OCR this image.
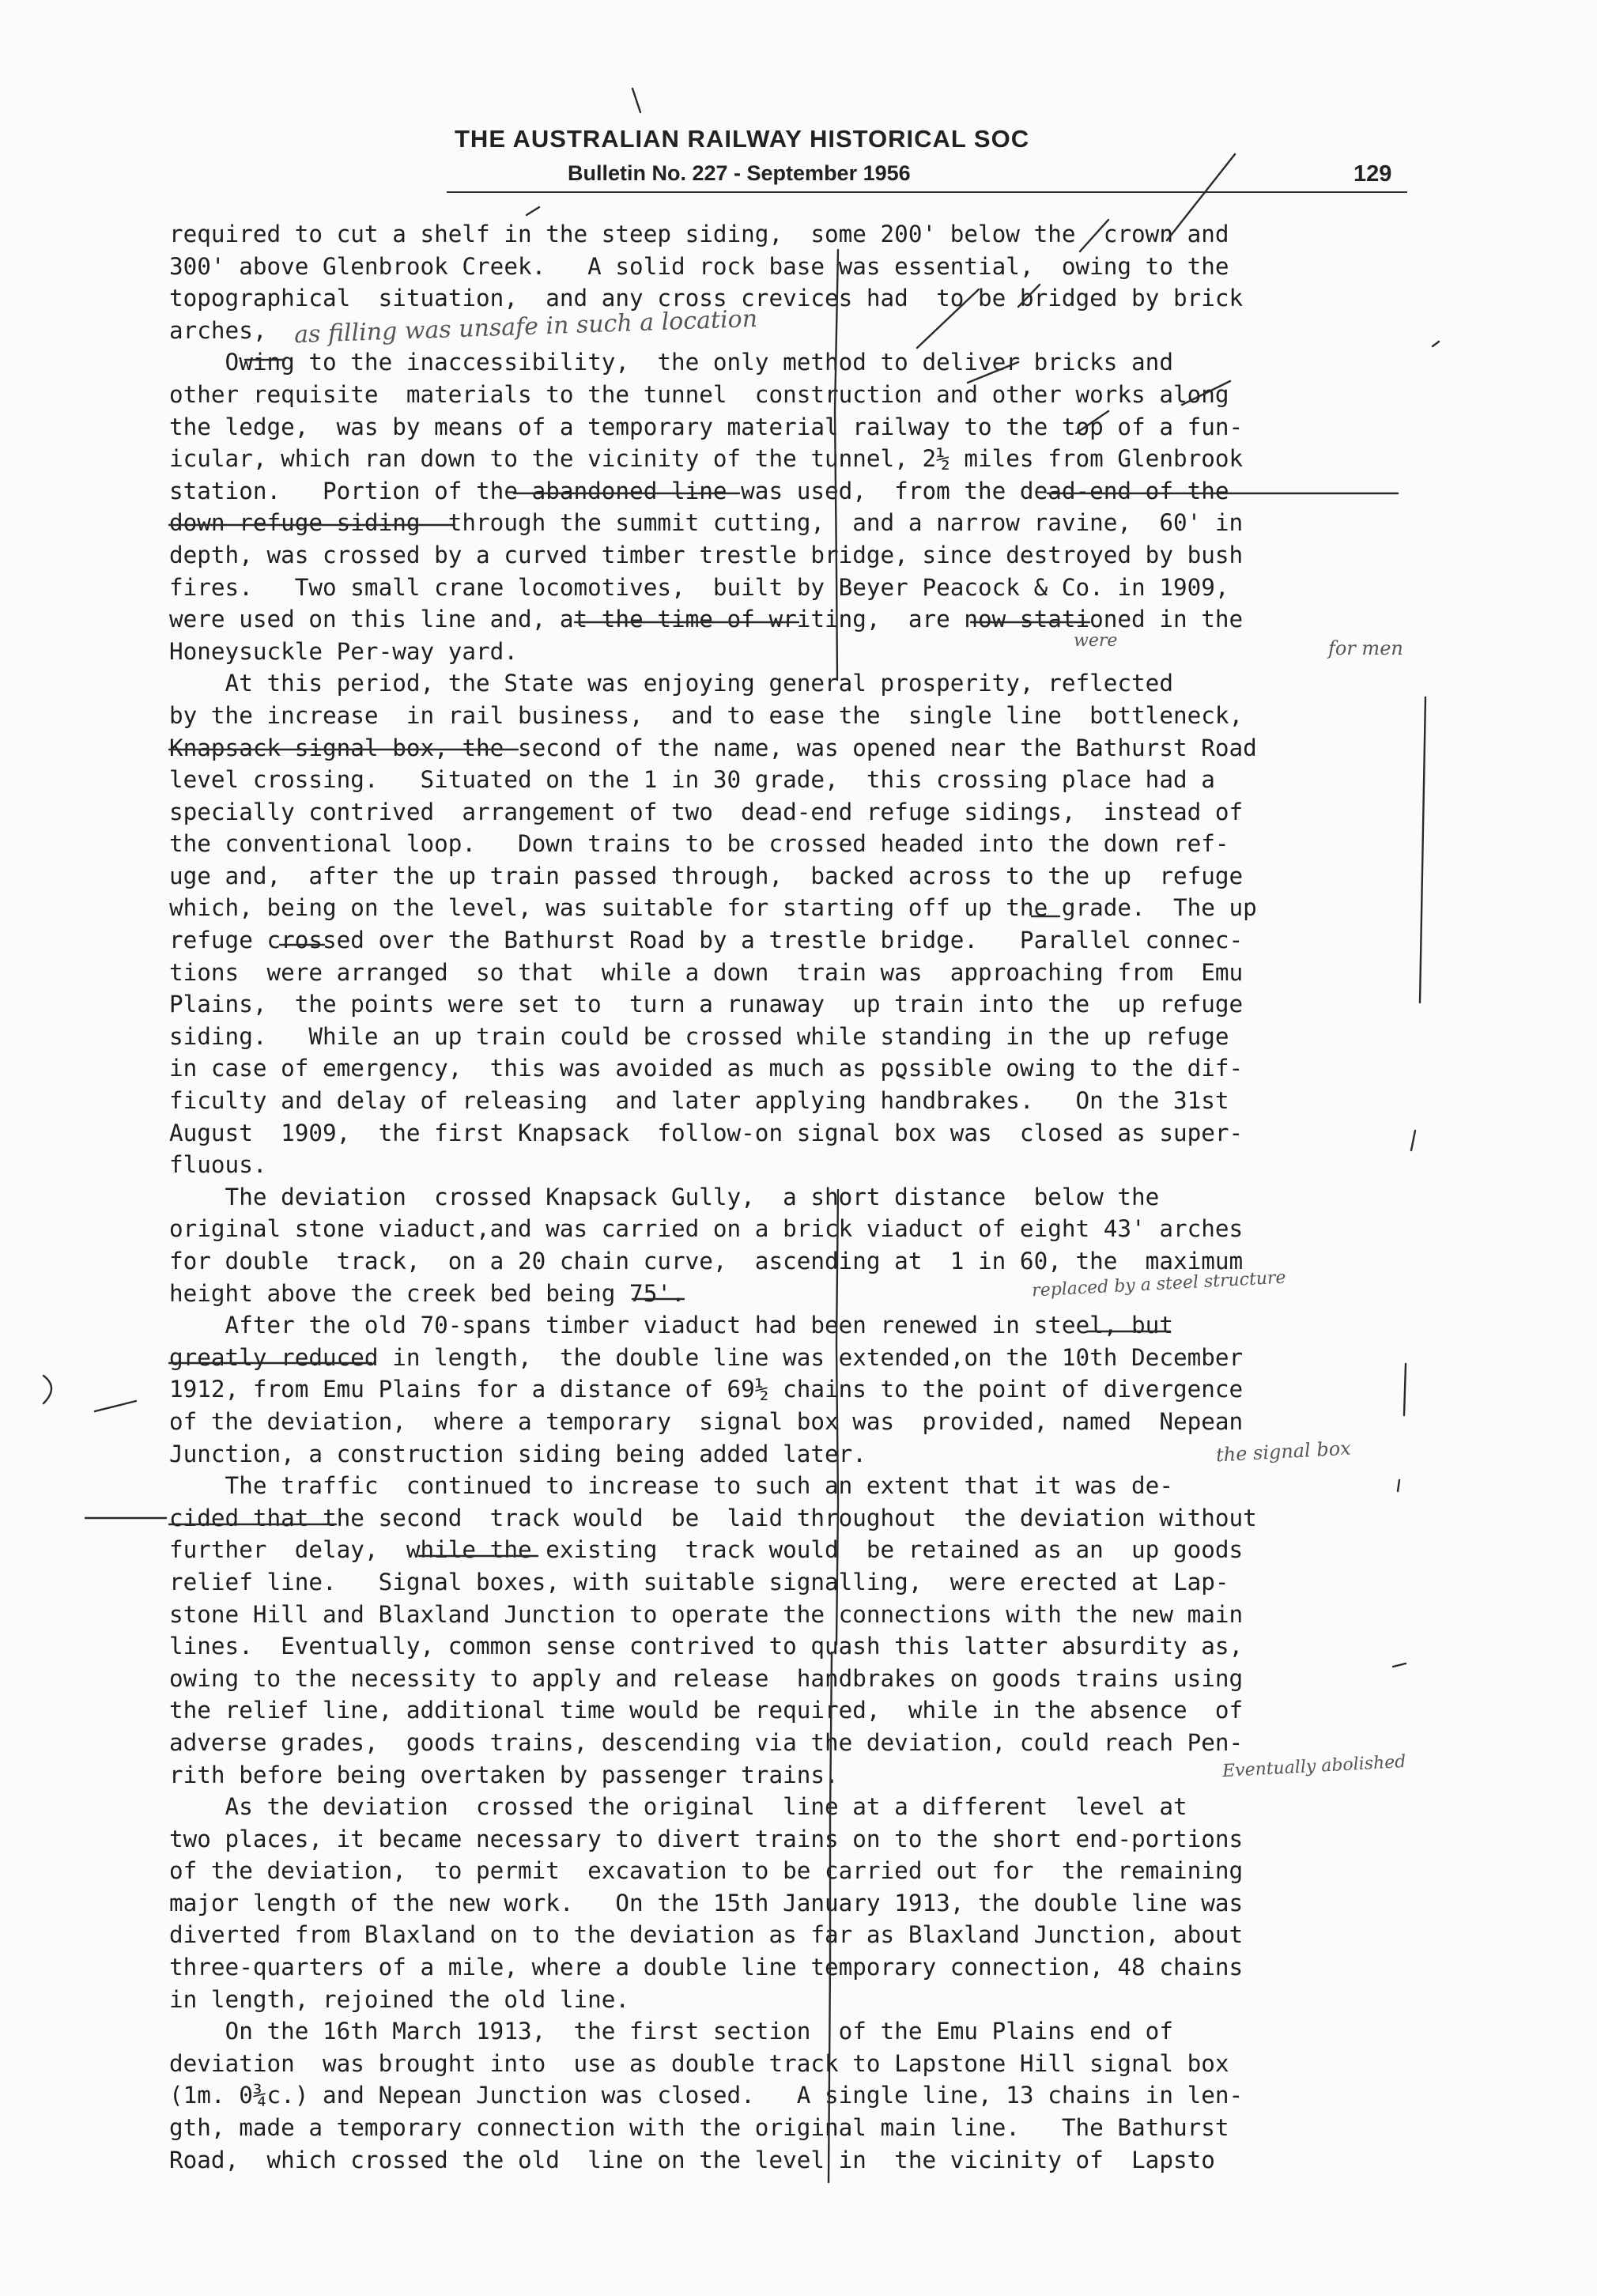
THE AUSTRALIAN RAILWAY HISTORICAL SOC
Bulletin No. 227 - September 1956	129
required to cut a shelf in the steep siding,  some 200' below the  crown and
300' above Glenbrook Creek.   A solid rock base was essential,  owing to the
topographical  situation,  and any cross crevices had  to be bridged by brick
arches,
Owing to the inaccessibility,  the only method to deliver bricks and
other requisite  materials to the tunnel  construction and other works along
the ledge,  was by means of a temporary material railway to the top of a fun-
icular, which ran down to the vicinity of the tunnel, 2½ miles from Glenbrook
station.   Portion of the abandoned line was used,  from the dead-end of the
down refuge siding  through the summit cutting,  and a narrow ravine,  60' in
depth, was crossed by a curved timber trestle bridge, since destroyed by bush
fires.   Two small crane locomotives,  built by Beyer Peacock & Co. in 1909,
were used on this line and, at the time of writing,  are now stationed in the
Honeysuckle Per-way yard.
At this period, the State was enjoying general prosperity, reflected
by the increase  in rail business,  and to ease the  single line  bottleneck,
Knapsack signal box, the second of the name, was opened near the Bathurst Road
level crossing.   Situated on the 1 in 30 grade,  this crossing place had a
specially contrived  arrangement of two  dead-end refuge sidings,  instead of
the conventional loop.   Down trains to be crossed headed into the down ref-
uge and,  after the up train passed through,  backed across to the up  refuge
which, being on the level, was suitable for starting off up the grade.  The up
refuge crossed over the Bathurst Road by a trestle bridge.   Parallel connec-
tions  were arranged  so that  while a down  train was  approaching from  Emu
Plains,  the points were set to  turn a runaway  up train into the  up refuge
siding.   While an up train could be crossed while standing in the up refuge
in case of emergency,  this was avoided as much as possible owing to the dif-
ficulty and delay of releasing  and later applying handbrakes.   On the 31st
August  1909,  the first Knapsack  follow-on signal box was  closed as super-
fluous.
The deviation  crossed Knapsack Gully,  a short distance  below the
original stone viaduct,and was carried on a brick viaduct of eight 43' arches
for double  track,  on a 20 chain curve,  ascending at  1 in 60, the  maximum
height above the creek bed being 75'.
After the old 70-spans timber viaduct had been renewed in steel, but
greatly reduced in length,  the double line was extended,on the 10th December
1912, from Emu Plains for a distance of 69½ chains to the point of divergence
of the deviation,  where a temporary  signal box was  provided, named  Nepean
Junction, a construction siding being added later.
The traffic  continued to increase to such an extent that it was de-
cided that the second  track would  be  laid throughout  the deviation without
further  delay,  while the existing  track would  be retained as an  up goods
relief line.   Signal boxes, with suitable signalling,  were erected at Lap-
stone Hill and Blaxland Junction to operate the connections with the new main
lines.  Eventually, common sense contrived to quash this latter absurdity as,
owing to the necessity to apply and release  handbrakes on goods trains using
the relief line, additional time would be required,  while in the absence  of
adverse grades,  goods trains, descending via the deviation, could reach Pen-
rith before being overtaken by passenger trains.
As the deviation  crossed the original  line at a different  level at
two places, it became necessary to divert trains on to the short end-portions
of the deviation,  to permit  excavation to be carried out for  the remaining
major length of the new work.   On the 15th January 1913, the double line was
diverted from Blaxland on to the deviation as far as Blaxland Junction, about
three-quarters of a mile, where a double line temporary connection, 48 chains
in length, rejoined the old line.
On the 16th March 1913,  the first section  of the Emu Plains end of
deviation  was brought into  use as double track to Lapstone Hill signal box
(1m. 0¾c.) and Nepean Junction was closed.   A single line, 13 chains in len-
gth, made a temporary connection with the original main line.   The Bathurst
Road,  which crossed the old  line on the level in  the vicinity of  Lapsto
as filling was unsafe in such a location
were	for men
replaced by a steel structure
the signal box
Eventually abolished
